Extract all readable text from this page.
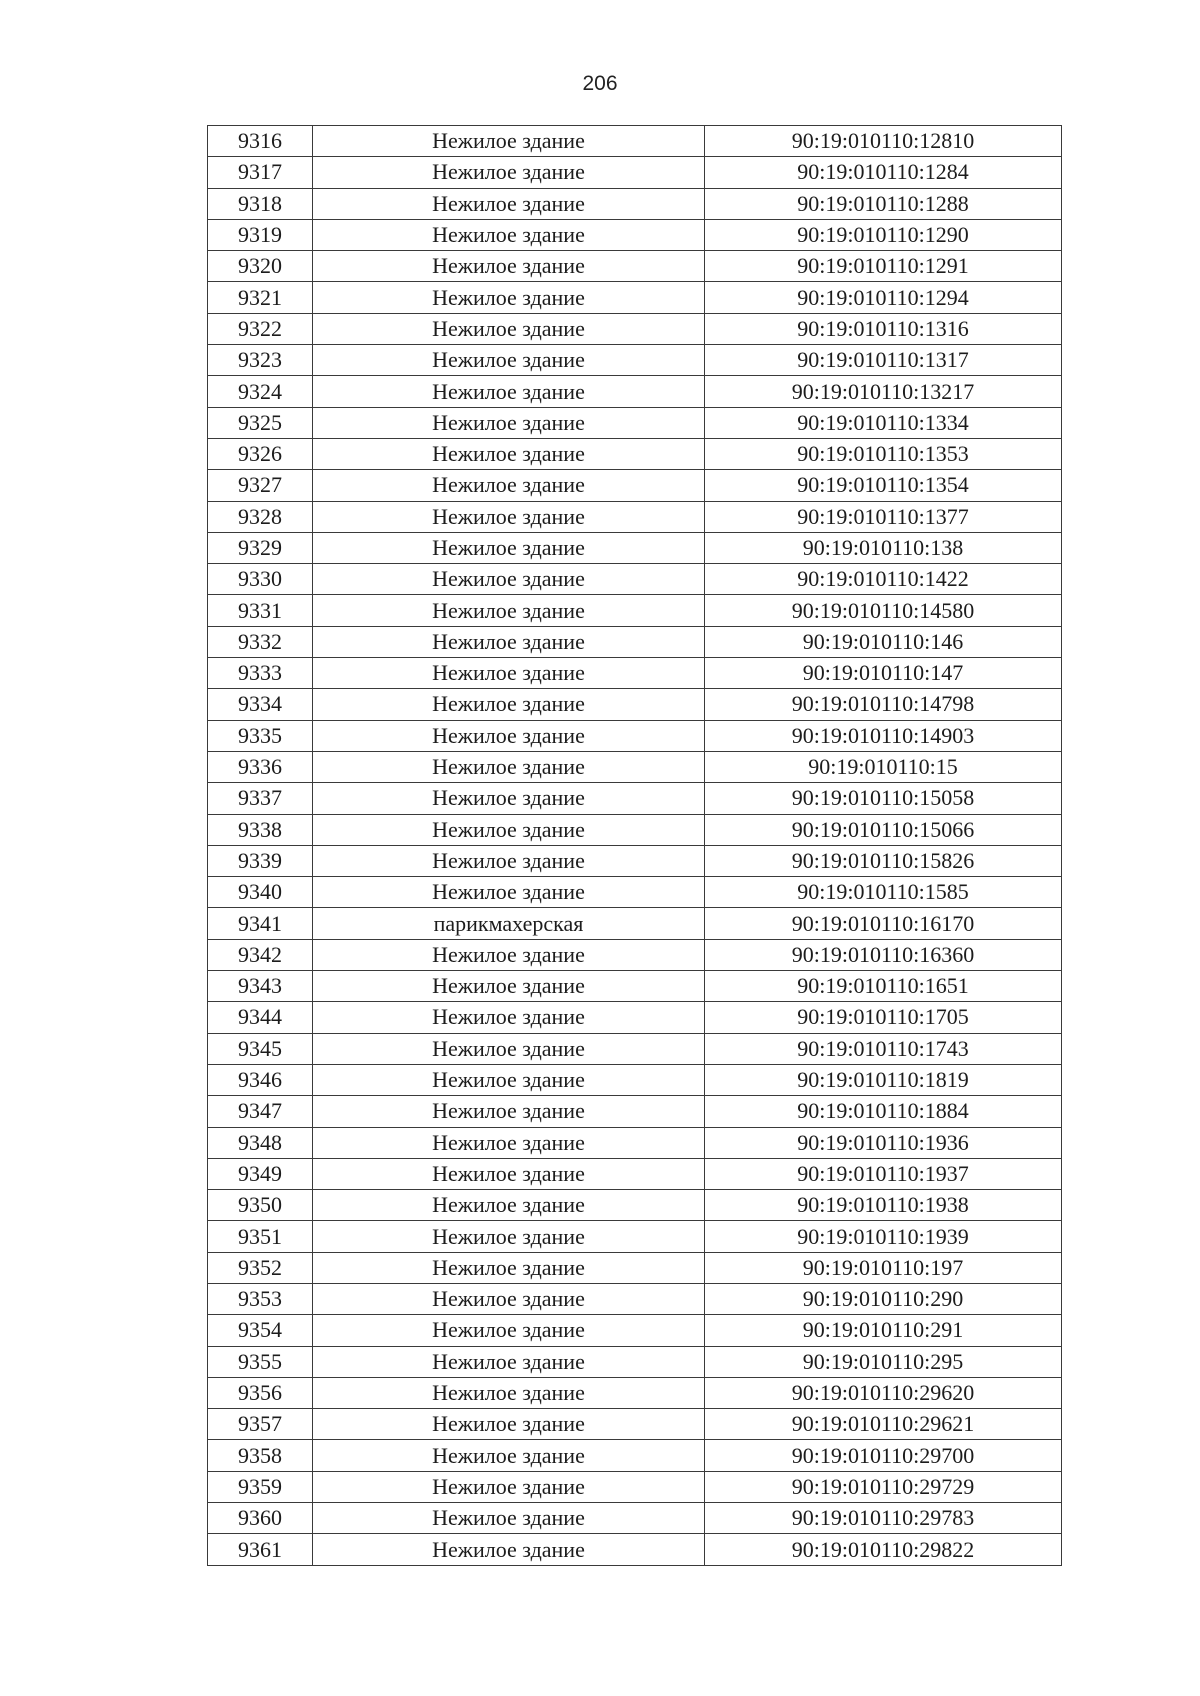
206
9316	Нежилое здание	90:19:010110:12810
9317	Нежилое здание	90:19:010110:1284
9318	Нежилое здание	90:19:010110:1288
9319	Нежилое здание	90:19:010110:1290
9320	Нежилое здание	90:19:010110:1291
9321	Нежилое здание	90:19:010110:1294
9322	Нежилое здание	90:19:010110:1316
9323	Нежилое здание	90:19:010110:1317
9324	Нежилое здание	90:19:010110:13217
9325	Нежилое здание	90:19:010110:1334
9326	Нежилое здание	90:19:010110:1353
9327	Нежилое здание	90:19:010110:1354
9328	Нежилое здание	90:19:010110:1377
9329	Нежилое здание	90:19:010110:138
9330	Нежилое здание	90:19:010110:1422
9331	Нежилое здание	90:19:010110:14580
9332	Нежилое здание	90:19:010110:146
9333	Нежилое здание	90:19:010110:147
9334	Нежилое здание	90:19:010110:14798
9335	Нежилое здание	90:19:010110:14903
9336	Нежилое здание	90:19:010110:15
9337	Нежилое здание	90:19:010110:15058
9338	Нежилое здание	90:19:010110:15066
9339	Нежилое здание	90:19:010110:15826
9340	Нежилое здание	90:19:010110:1585
9341	парикмахерская	90:19:010110:16170
9342	Нежилое здание	90:19:010110:16360
9343	Нежилое здание	90:19:010110:1651
9344	Нежилое здание	90:19:010110:1705
9345	Нежилое здание	90:19:010110:1743
9346	Нежилое здание	90:19:010110:1819
9347	Нежилое здание	90:19:010110:1884
9348	Нежилое здание	90:19:010110:1936
9349	Нежилое здание	90:19:010110:1937
9350	Нежилое здание	90:19:010110:1938
9351	Нежилое здание	90:19:010110:1939
9352	Нежилое здание	90:19:010110:197
9353	Нежилое здание	90:19:010110:290
9354	Нежилое здание	90:19:010110:291
9355	Нежилое здание	90:19:010110:295
9356	Нежилое здание	90:19:010110:29620
9357	Нежилое здание	90:19:010110:29621
9358	Нежилое здание	90:19:010110:29700
9359	Нежилое здание	90:19:010110:29729
9360	Нежилое здание	90:19:010110:29783
9361	Нежилое здание	90:19:010110:29822
